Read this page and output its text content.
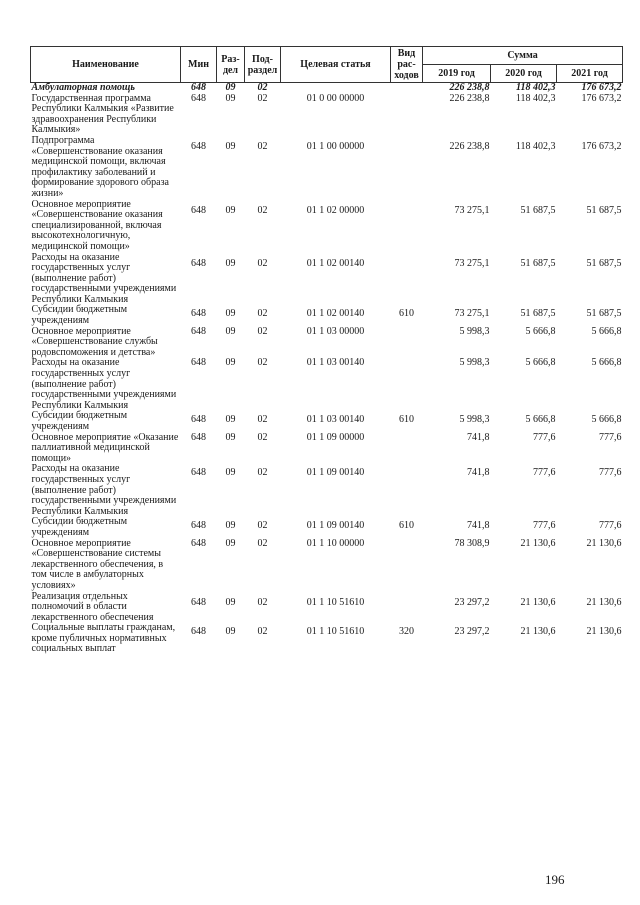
Наименование	Мин	Раз-дел	Под-раздел	Целевая статья	Вид рас-ходов	Сумма		
						2019 год	2020 год	2021 год
Амбулаторная помощь	648	09	02			226 238,8	118 402,3	176 673,2
Государственная программа Республики Калмыкия «Развитие здравоохранения Республики Калмыкия»	648	09	02	01 0 00 00000		226 238,8	118 402,3	176 673,2
Подпрограмма «Совершенствование оказания медицинской помощи, включая профилактику заболеваний и формирование здорового образа жизни»	648	09	02	01 1 00 00000		226 238,8	118 402,3	176 673,2
Основное мероприятие «Совершенствование оказания специализированной, включая высокотехнологичную, медицинской помощи»	648	09	02	01 1 02 00000		73 275,1	51 687,5	51 687,5
Расходы на оказание государственных услуг (выполнение работ) государственными учреждениями Республики Калмыкия	648	09	02	01 1 02 00140		73 275,1	51 687,5	51 687,5
Субсидии бюджетным учреждениям	648	09	02	01 1 02 00140	610	73 275,1	51 687,5	51 687,5
Основное мероприятие «Совершенствование службы родовспоможения и детства»	648	09	02	01 1 03 00000		5 998,3	5 666,8	5 666,8
Расходы на оказание государственных услуг (выполнение работ) государственными учреждениями Республики Калмыкия	648	09	02	01 1 03 00140		5 998,3	5 666,8	5 666,8
Субсидии бюджетным учреждениям	648	09	02	01 1 03 00140	610	5 998,3	5 666,8	5 666,8
Основное мероприятие «Оказание паллиативной медицинской помощи»	648	09	02	01 1 09 00000		741,8	777,6	777,6
Расходы на оказание государственных услуг (выполнение работ) государственными учреждениями Республики Калмыкия	648	09	02	01 1 09 00140		741,8	777,6	777,6
Субсидии бюджетным учреждениям	648	09	02	01 1 09 00140	610	741,8	777,6	777,6
Основное мероприятие «Совершенствование системы лекарственного обеспечения, в том числе в амбулаторных условиях»	648	09	02	01 1 10 00000		78 308,9	21 130,6	21 130,6
Реализация отдельных полномочий в области лекарственного обеспечения	648	09	02	01 1 10 51610		23 297,2	21 130,6	21 130,6
Социальные выплаты гражданам, кроме публичных нормативных социальных выплат	648	09	02	01 1 10 51610	320	23 297,2	21 130,6	21 130,6
196
